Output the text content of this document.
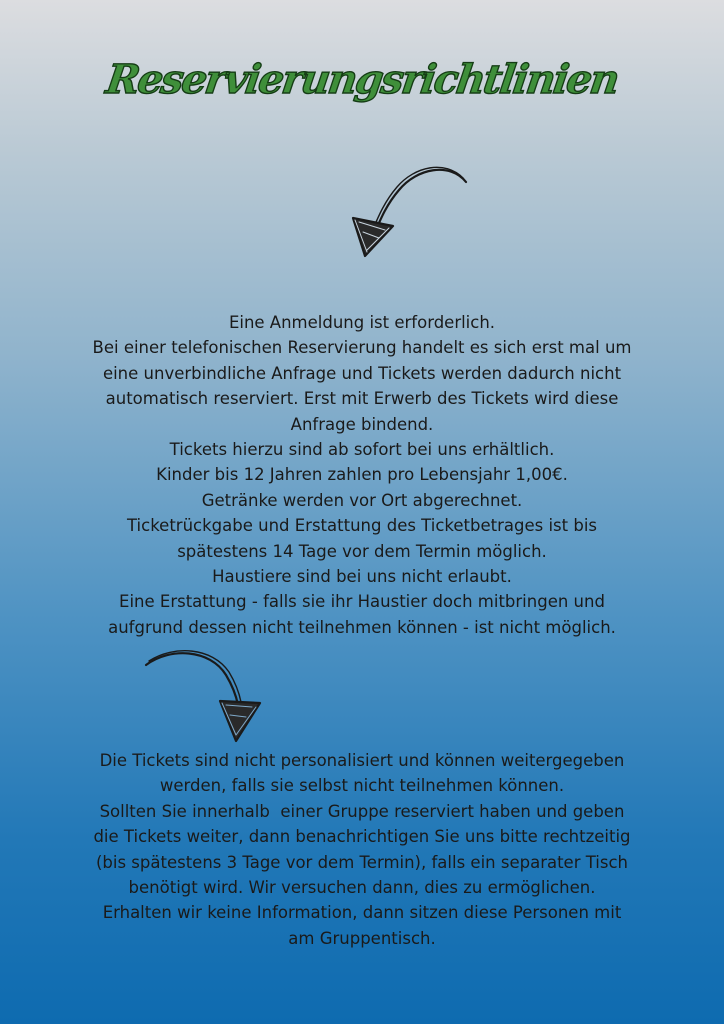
Reservierungsrichtlinien

Eine Anmeldung ist erforderlich.

Bei einer telefonischen Reservierung handelt es sich erst mal um

eine unverbindliche Anfrage und Tickets werden dadurch nicht

automatisch reserviert. Erst mit Erwerb des Tickets wird diese

Anfrage bindend.

Tickets hierzu sind ab sofort bei uns erhältlich.

Kinder bis 12 Jahren zahlen pro Lebensjahr 1,00€.

Getränke werden vor Ort abgerechnet.

Ticketrückgabe und Erstattung des Ticketbetrages ist bis

spätestens 14 Tage vor dem Termin möglich.

Haustiere sind bei uns nicht erlaubt.

Eine Erstattung - falls sie ihr Haustier doch mitbringen und

aufgrund dessen nicht teilnehmen können - ist nicht möglich.

Die Tickets sind nicht personalisiert und können weitergegeben

werden, falls sie selbst nicht teilnehmen können.

Sollten Sie innerhalb  einer Gruppe reserviert haben und geben

die Tickets weiter, dann benachrichtigen Sie uns bitte rechtzeitig

(bis spätestens 3 Tage vor dem Termin), falls ein separater Tisch

benötigt wird. Wir versuchen dann, dies zu ermöglichen.

Erhalten wir keine Information, dann sitzen diese Personen mit

am Gruppentisch.
